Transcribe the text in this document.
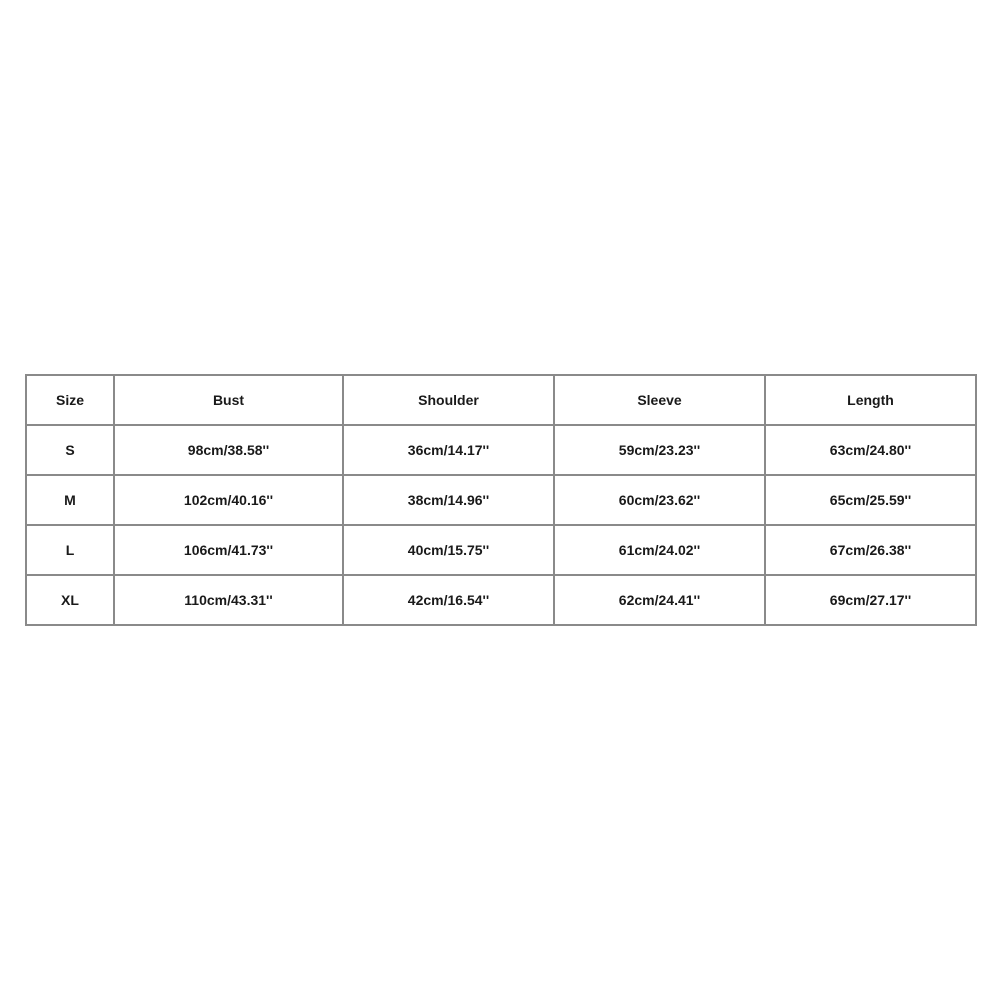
Size	Bust	Shoulder	Sleeve	Length
S	98cm/38.58''	36cm/14.17''	59cm/23.23''	63cm/24.80''
M	102cm/40.16''	38cm/14.96''	60cm/23.62''	65cm/25.59''
L	106cm/41.73''	40cm/15.75''	61cm/24.02''	67cm/26.38''
XL	110cm/43.31''	42cm/16.54''	62cm/24.41''	69cm/27.17''
